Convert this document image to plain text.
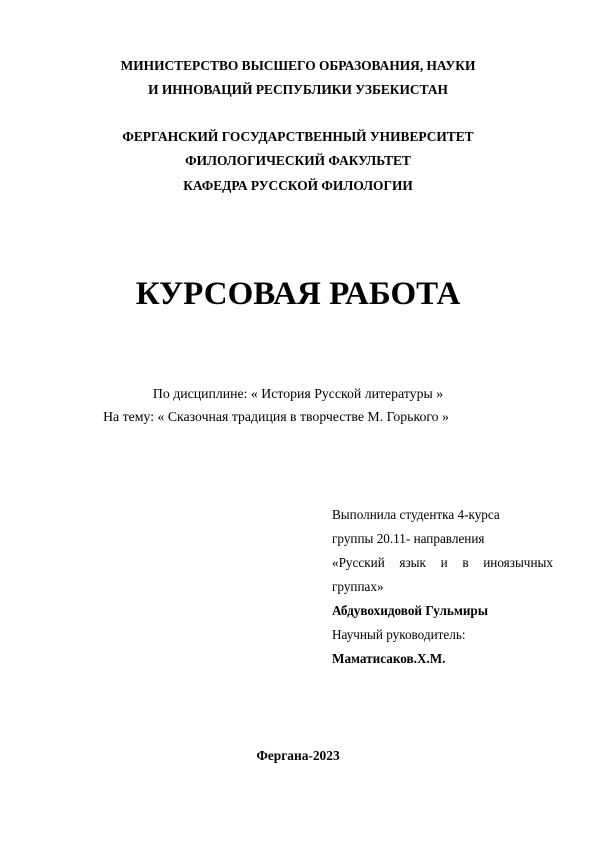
МИНИСТЕРСТВО ВЫСШЕГО ОБРАЗОВАНИЯ, НАУКИ

И ИННОВАЦИЙ РЕСПУБЛИКИ УЗБЕКИСТАН

ФЕРГАНСКИЙ ГОСУДАРСТВЕННЫЙ УНИВЕРСИТЕТ

ФИЛОЛОГИЧЕСКИЙ ФАКУЛЬТЕТ

КАФЕДРА РУССКОЙ ФИЛОЛОГИИ

КУРСОВАЯ РАБОТА

По дисциплине: « История Русской литературы »

На тему: « Сказочная традиция в творчестве М. Горького »

Выполнила студентка 4-курса

группы 20.11- направления

«Русский язык и в иноязычных

группах»

Абдувохидовой Гульмиры

Научный руководитель:

Маматисаков.Х.М.

Фергана-2023
